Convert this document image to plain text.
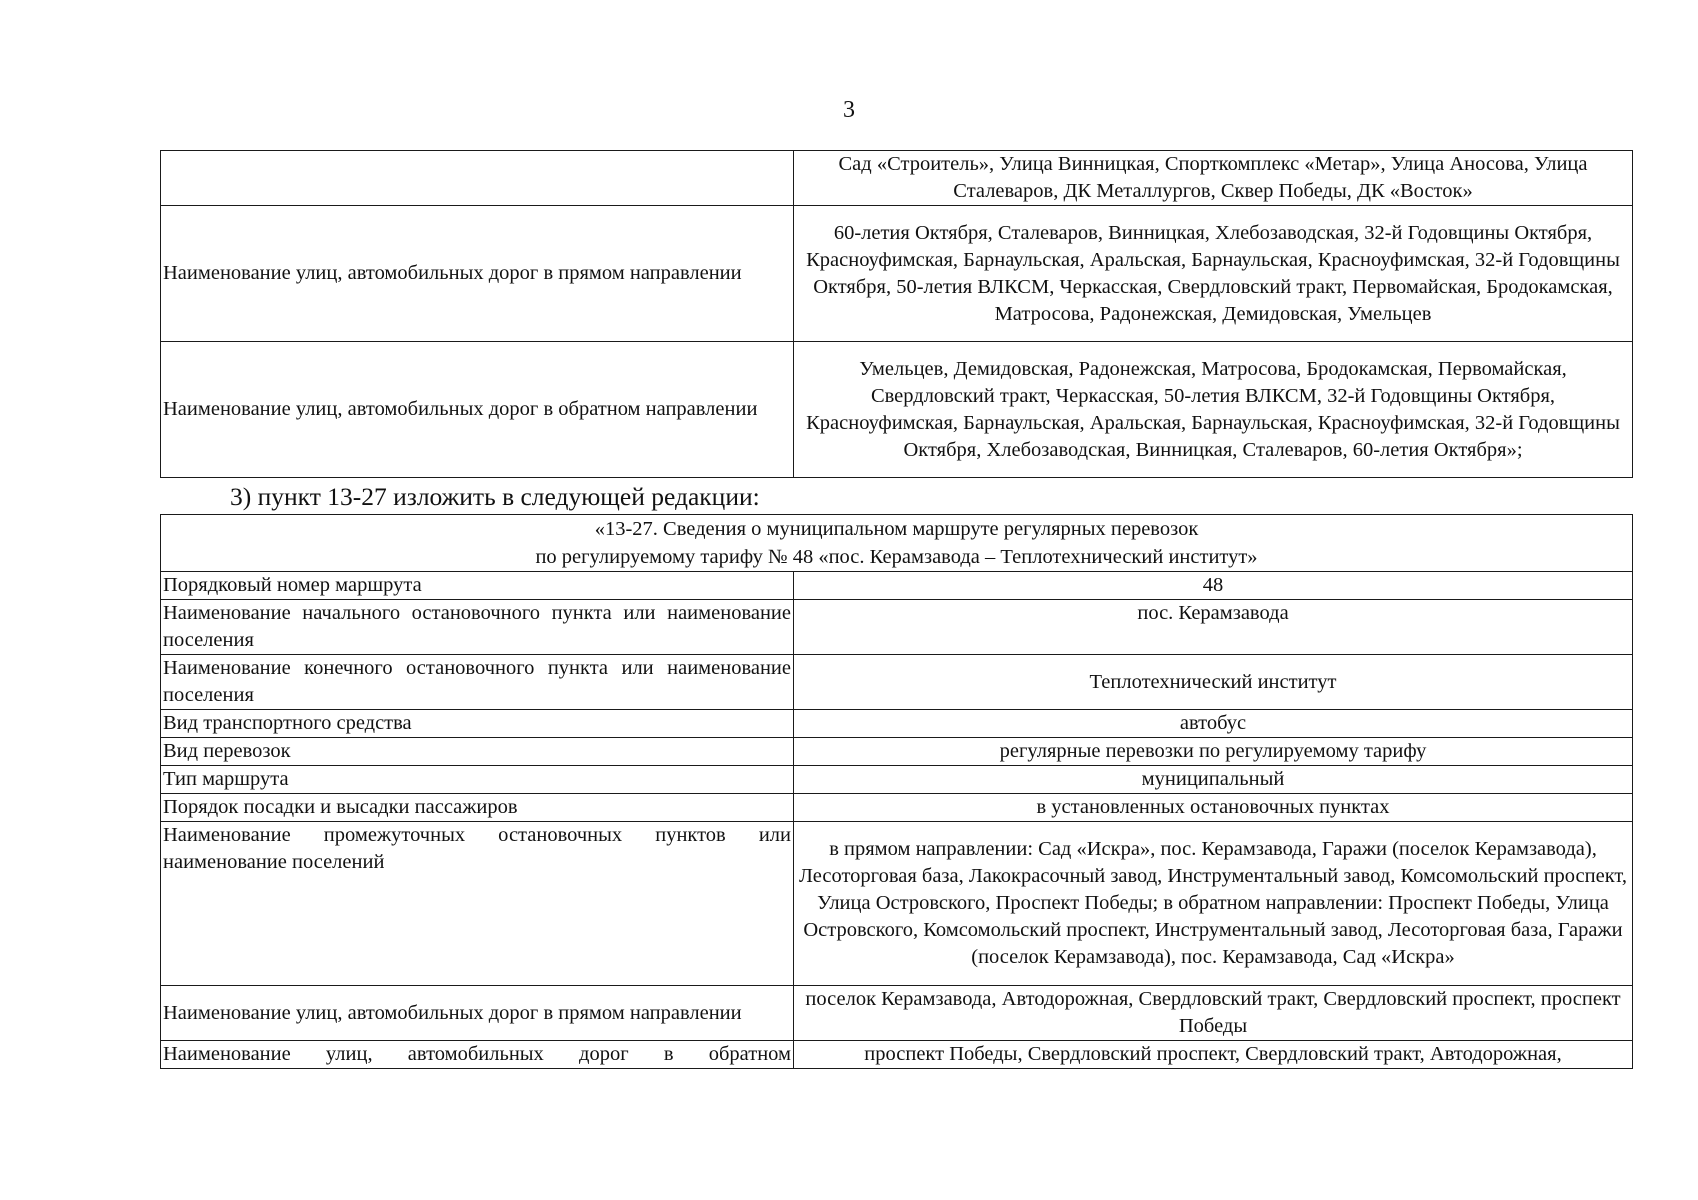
3
	Сад «Строитель», Улица Винницкая, Спорткомплекс «Метар», Улица Аносова, Улица Сталеваров, ДК Металлургов, Сквер Победы, ДК «Восток»
Наименование улиц, автомобильных дорог в прямом направлении	60-летия Октября, Сталеваров, Винницкая, Хлебозаводская, 32-й Годовщины Октября, Красноуфимская, Барнаульская, Аральская, Барнаульская, Красноуфимская, 32-й Годовщины Октября, 50-летия ВЛКСМ, Черкасская, Свердловский тракт, Первомайская, Бродокамская, Матросова, Радонежская, Демидовская, Умельцев
Наименование улиц, автомобильных дорог в обратном направлении	Умельцев, Демидовская, Радонежская, Матросова, Бродокамская, Первомайская, Свердловский тракт, Черкасская, 50-летия ВЛКСМ, 32-й Годовщины Октября, Красноуфимская, Барнаульская, Аральская, Барнаульская, Красноуфимская, 32-й Годовщины Октября, Хлебозаводская, Винницкая, Сталеваров, 60-летия Октября»;
3) пункт 13-27 изложить в следующей редакции:
«13-27. Сведения о муниципальном маршруте регулярных перевозок
по регулируемому тарифу № 48 «пос. Керамзавода – Теплотехнический институт»	

Порядковый номер маршрута	48
Наименование начального остановочного пункта или наименование поселения	пос. Керамзавода
Наименование конечного остановочного пункта или наименование поселения	Теплотехнический институт
Вид транспортного средства	автобус
Вид перевозок	регулярные перевозки по регулируемому тарифу
Тип маршрута	муниципальный
Порядок посадки и высадки пассажиров	в установленных остановочных пунктах
Наименование промежуточных остановочных пунктов или наименование поселений	в прямом направлении: Сад «Искра», пос. Керамзавода, Гаражи (поселок Керамзавода), Лесоторговая база, Лакокрасочный завод, Инструментальный завод, Комсомольский проспект, Улица Островского, Проспект Победы; в обратном направлении: Проспект Победы, Улица Островского, Комсомольский проспект, Инструментальный завод, Лесоторговая база, Гаражи (поселок Керамзавода), пос. Керамзавода, Сад «Искра»
Наименование улиц, автомобильных дорог в прямом направлении	поселок Керамзавода, Автодорожная, Свердловский тракт, Свердловский проспект, проспект Победы
Наименование улиц, автомобильных дорог в обратном	проспект Победы, Свердловский проспект, Свердловский тракт, Автодорожная,
